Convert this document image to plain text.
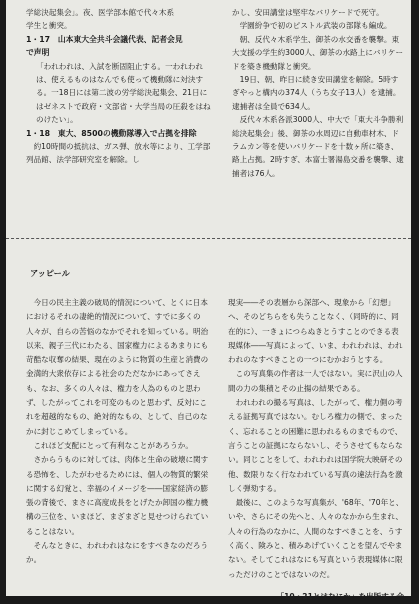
学総決起集会」。夜、医学部本館で代々木系

学生と衝突。

1・17　山本東大全共斗会議代表、記者会見
で声明

「われわれは、入試を断固阻止する。一われわれは、使えるものはなんでも使って機動隊に対決する。一18日には第二波の労学総決起集会、21日にはゼネストで政府・文部省・大学当局の圧殺をはねのけたい」。

1・18　東大、8500の機動隊導入で占拠を排除

約10時間の抵抗は、ガス弾、放水等により、工学部列品館、法学部研究室を解除。し

かし、安田講堂は堅牢なバリケードで死守。

学園紛争で初のピストル武装の部隊も編成。

朝、反代々木系学生、御茶の水交番を襲撃。東大支援の学生約3000人、御茶の水路上にバリケードを築き機動隊と衝突。

19日、朝、昨日に続き安田講堂を解除。5時すぎやっと構内の374人（うち女子13人）を逮捕。逮捕者は全員で634人。

反代々木系各派3000人、中大で「東大斗争勝利総決起集会」後、御茶の水周辺に自動車材木、ドラムカン等を使いバリケードを十数ヶ所に築き、路上占拠。2時すぎ、本富士署湯島交番を襲撃、逮捕者は76人。

アッピール

今日の民主主義の破局的情況について、とくに日本におけるそれの凄絶的情況について、すでに多くの人々が、自らの苦悩のなかでそれを知っている。明治以来、親子三代にわたる、国家権力によるあまりにも苛酷な収奪の結果、現在のように物質の生産と消費の金満的大衆依存による社会のただなかにあってさえも、なお、多くの人々は、権力を人為のものと思わず、したがってこれを可変のものと思わず、反対にこれを超越的なもの、絶対的なもの、として、自己のなかに封じこめてしまっている。

これほど支配にとって有利なことがあろうか。

さからうものに対しては、肉体と生命の破壊に関する恐怖を、したがわせるためには、個人の物質的繁栄に関する幻覚と、幸福のイメージを――国家経済の膨張の背後で、まさに高度成長をとげたか卸国の権力機構の三位を、いまほど、まざまざと見せつけられていることはない。

そんなときに、われわれはなにをすべきなのだろうか。

現実――その表層から深部へ、現象から「幻想」へ、そのどちらをも失うことなく、（同時的に、同在的に）、一きょにつらぬきとうすことのできる表現媒体――写真によって、いま、われわれは、われわれのなすべきことの一つにむかおうとする。

この写真集の作者は一人ではない。実に沢山の人間の力の集積とその止揚の結果である。

われわれの撮る写真は、したがって、権力側の考える証拠写真ではない。むしろ権力の側で、まったく、忘れることの困難に思われるものまでもので、言うことの証拠にならないし、そうさせてもならない。同じことをして、われわれは国学院大映研その他、数限りなく行なわれている写真の違法行為を激しく弾劾する。

最後に、このような写真集が、'68年、'70年と、いや、さらにその先へと、人々のなかから生まれ、人々の行為のなかに、人間のなすべきことを、うすく高く、険みと、積みあげていくことを望んでやまない。そしてこれはなにも写真という表現媒体に限っただけのことではないのだ。

「10・21とはなにか」を出版する会
